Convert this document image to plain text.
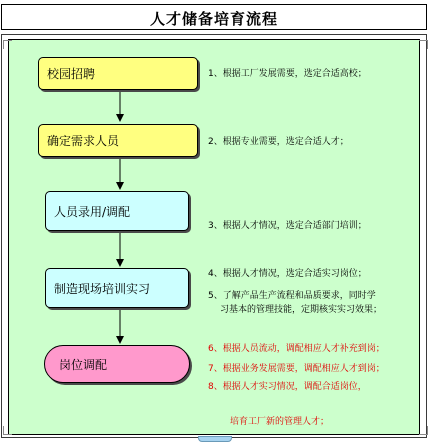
人才储备培育流程
校园招聘
确定需求人员
人员录用/调配
制造现场培训实习
岗位调配
1、根据工厂发展需要，选定合适高校；
2、根据专业需要，选定合适人才；
3、根据人才情况，选定合适部门培训；
4、根据人才情况，选定合适实习岗位；
5、了解产品生产流程和品质要求，同时学
习基本的管理技能，定期核实实习效果；
6、根据人员流动，调配相应人才补充到岗；
7、根据业务发展需要，调配相应人才到岗；
8、根据人才实习情况，调配合适岗位，
培育工厂新的管理人才；
